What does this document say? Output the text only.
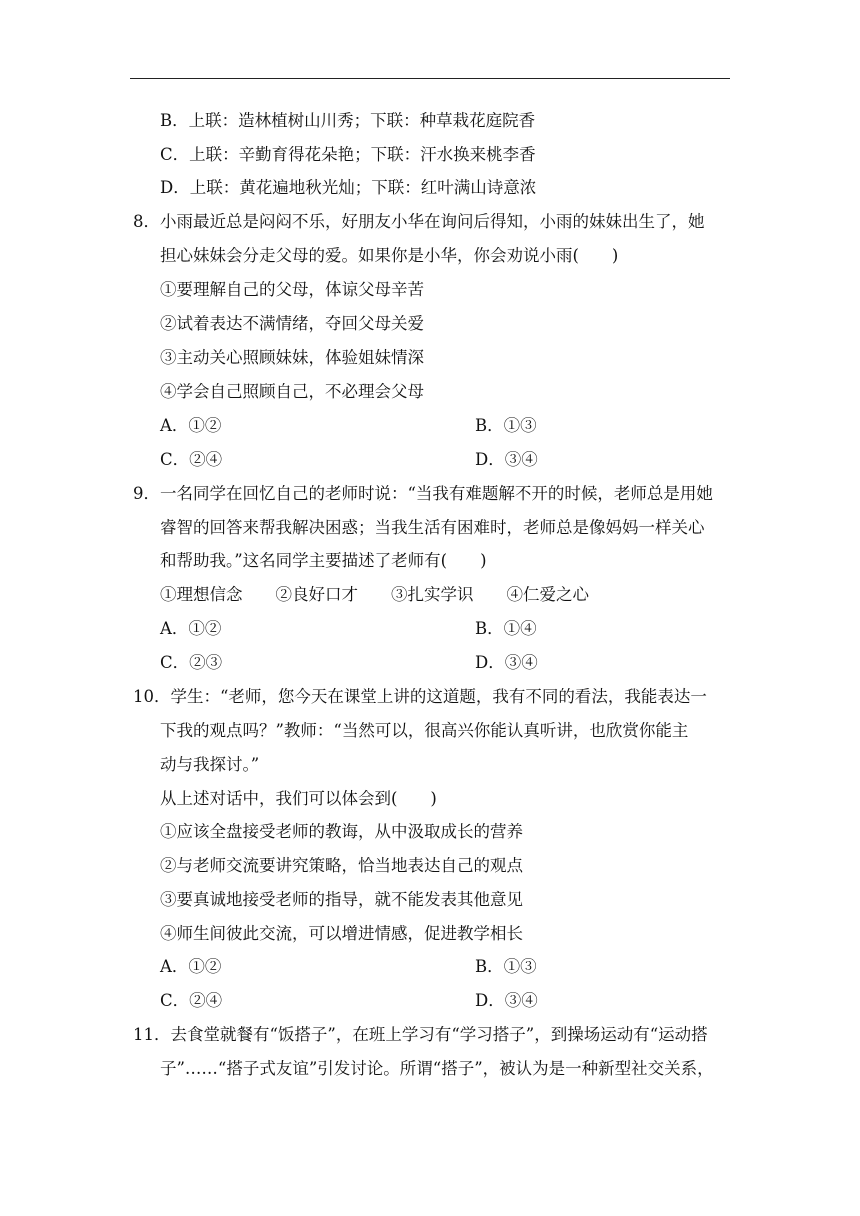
B．上联：造林植树山川秀；下联：种草栽花庭院香
C．上联：辛勤育得花朵艳；下联：汗水换来桃李香
D．上联：黄花遍地秋光灿；下联：红叶满山诗意浓
8．小雨最近总是闷闷不乐，好朋友小华在询问后得知，小雨的妹妹出生了，她
担心妹妹会分走父母的爱。如果你是小华，你会劝说小雨(　　)
①要理解自己的父母，体谅父母辛苦
②试着表达不满情绪，夺回父母关爱
③主动关心照顾妹妹，体验姐妹情深
④学会自己照顾自己，不必理会父母
A．①②	B．①③
C．②④	D．③④
9．一名同学在回忆自己的老师时说：“当我有难题解不开的时候，老师总是用她
睿智的回答来帮我解决困惑；当我生活有困难时，老师总是像妈妈一样关心
和帮助我。”这名同学主要描述了老师有(　　)
①理想信念　　②良好口才　　③扎实学识　　④仁爱之心
A．①②	B．①④
C．②③	D．③④
10．学生：“老师，您今天在课堂上讲的这道题，我有不同的看法，我能表达一
下我的观点吗？”教师：“当然可以，很高兴你能认真听讲，也欣赏你能主
动与我探讨。”
从上述对话中，我们可以体会到(　　)
①应该全盘接受老师的教诲，从中汲取成长的营养
②与老师交流要讲究策略，恰当地表达自己的观点
③要真诚地接受老师的指导，就不能发表其他意见
④师生间彼此交流，可以增进情感，促进教学相长
A．①②	B．①③
C．②④	D．③④
11．去食堂就餐有“饭搭子”，在班上学习有“学习搭子”，到操场运动有“运动搭
子”……“搭子式友谊”引发讨论。所谓“搭子”，被认为是一种新型社交关系，
